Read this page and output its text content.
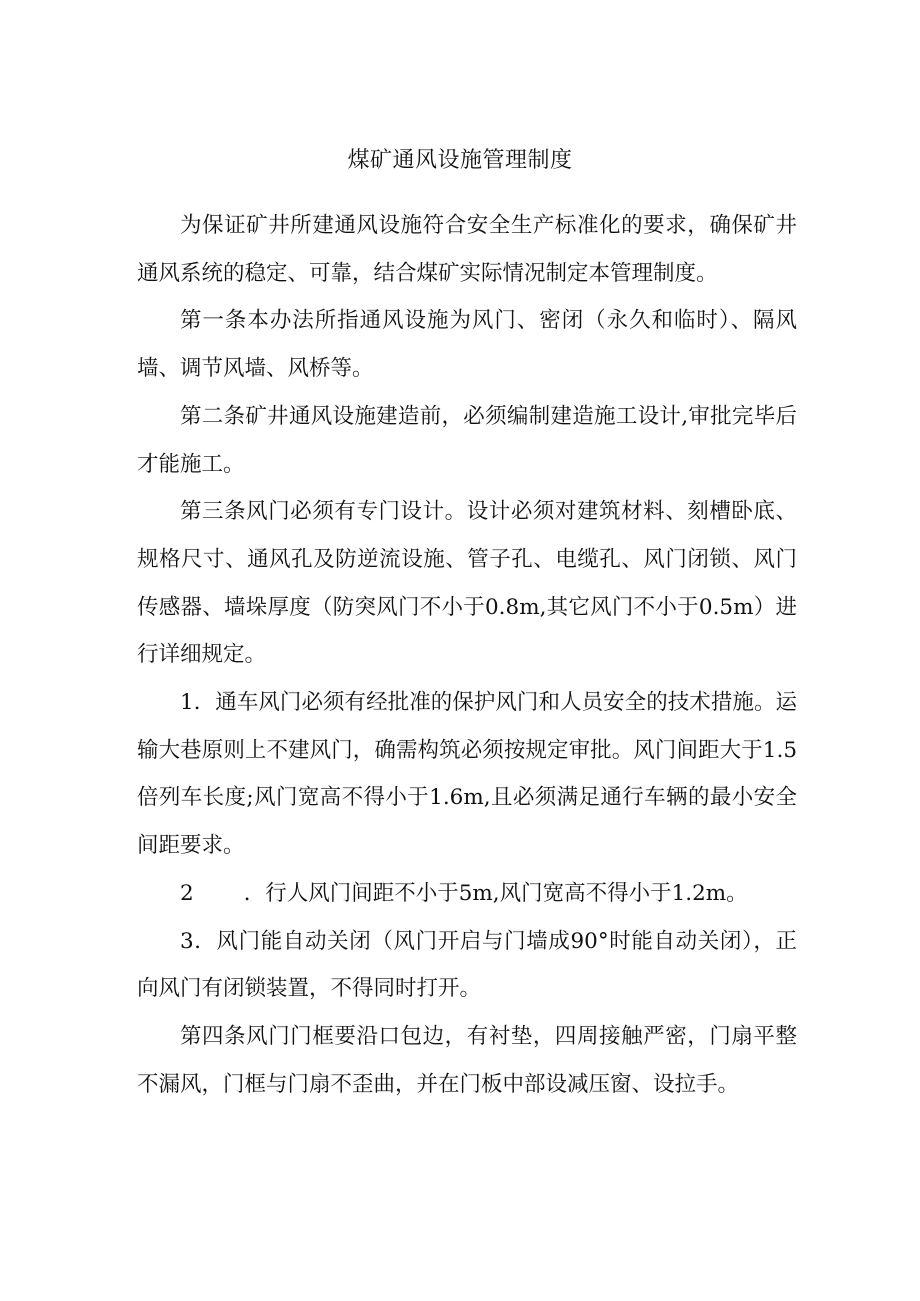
煤矿通风设施管理制度

为保证矿井所建通风设施符合安全生产标准化的要求，确保矿井通风系统的稳定、可靠，结合煤矿实际情况制定本管理制度。

第一条本办法所指通风设施为风门、密闭（永久和临时）、隔风墙、调节风墙、风桥等。

第二条矿井通风设施建造前，必须编制建造施工设计,审批完毕后才能施工。

第三条风门必须有专门设计。设计必须对建筑材料、刻槽卧底、规格尺寸、通风孔及防逆流设施、管子孔、电缆孔、风门闭锁、风门传感器、墙垛厚度（防突风门不小于0.8m,其它风门不小于0.5m）进行详细规定。

1．通车风门必须有经批准的保护风门和人员安全的技术措施。运输大巷原则上不建风门，确需构筑必须按规定审批。风门间距大于1.5倍列车长度;风门宽高不得小于1.6m,且必须满足通行车辆的最小安全间距要求。

2 ．行人风门间距不小于5m,风门宽高不得小于1.2m。

3．风门能自动关闭（风门开启与门墙成90°时能自动关闭），正向风门有闭锁装置，不得同时打开。

第四条风门门框要沿口包边，有衬垫，四周接触严密，门扇平整不漏风，门框与门扇不歪曲，并在门板中部设减压窗、设拉手。
